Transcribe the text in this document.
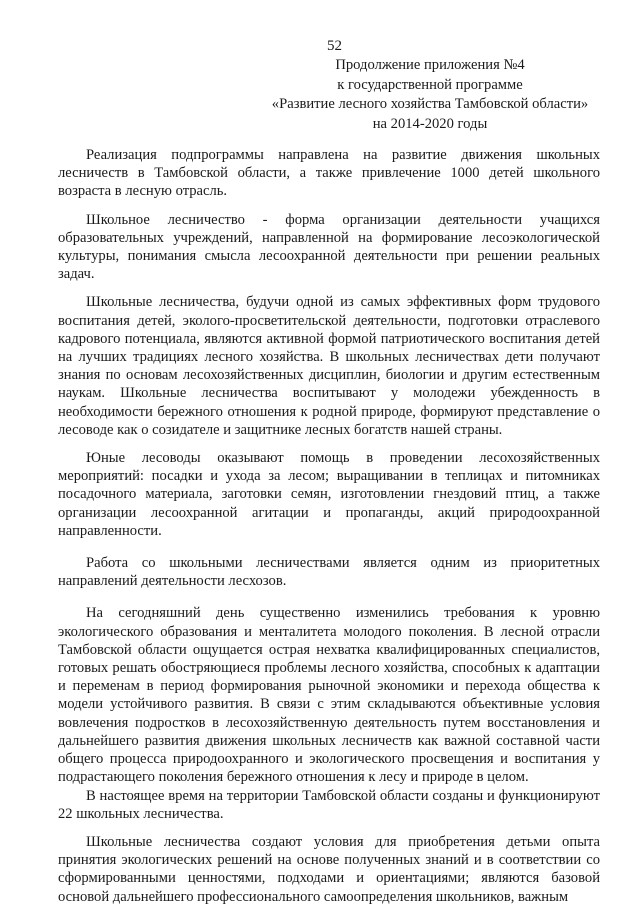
52
Продолжение приложения №4
к государственной программе
«Развитие лесного хозяйства Тамбовской области»
на 2014-2020 годы

Реализация подпрограммы направлена на развитие движения школьных лесничеств в Тамбовской области, а также привлечение 1000 детей школьного возраста в лесную отрасль.

Школьное лесничество - форма организации деятельности учащихся образовательных учреждений, направленной на формирование лесоэкологической культуры, понимания смысла лесоохранной деятельности при решении реальных задач.

Школьные лесничества, будучи одной из самых эффективных форм трудового воспитания детей, эколого-просветительской деятельности, подготовки отраслевого кадрового потенциала, являются активной формой патриотического воспитания детей на лучших традициях лесного хозяйства. В школьных лесничествах дети получают знания по основам лесохозяйственных дисциплин, биологии и другим естественным наукам. Школьные лесничества воспитывают у молодежи убежденность в необходимости бережного отношения к родной природе, формируют представление о лесоводе как о созидателе и защитнике лесных богатств нашей страны.

Юные лесоводы оказывают помощь в проведении лесохозяйственных мероприятий: посадки и ухода за лесом; выращивании в теплицах и питомниках посадочного материала, заготовки семян, изготовлении гнездовий птиц, а также организации лесоохранной агитации и пропаганды, акций природоохранной направленности.

Работа со школьными лесничествами является одним из приоритетных направлений деятельности лесхозов.

На сегодняшний день существенно изменились требования к уровню экологического образования и менталитета молодого поколения. В лесной отрасли Тамбовской области ощущается острая нехватка квалифицированных специалистов, готовых решать обостряющиеся проблемы лесного хозяйства, способных к адаптации и переменам в период формирования рыночной экономики и перехода общества к модели устойчивого развития. В связи с этим складываются объективные условия вовлечения подростков в лесохозяйственную деятельность путем восстановления и дальнейшего развития движения школьных лесничеств как важной составной части общего процесса природоохранного и экологического просвещения и воспитания у подрастающего поколения бережного отношения к лесу и природе в целом.

В настоящее время на территории Тамбовской области созданы и функционируют 22 школьных лесничества.

Школьные лесничества создают условия для приобретения детьми опыта принятия экологических решений на основе полученных знаний и в соответствии со сформированными ценностями, подходами и ориентациями; являются базовой основой дальнейшего профессионального самоопределения школьников, важным
